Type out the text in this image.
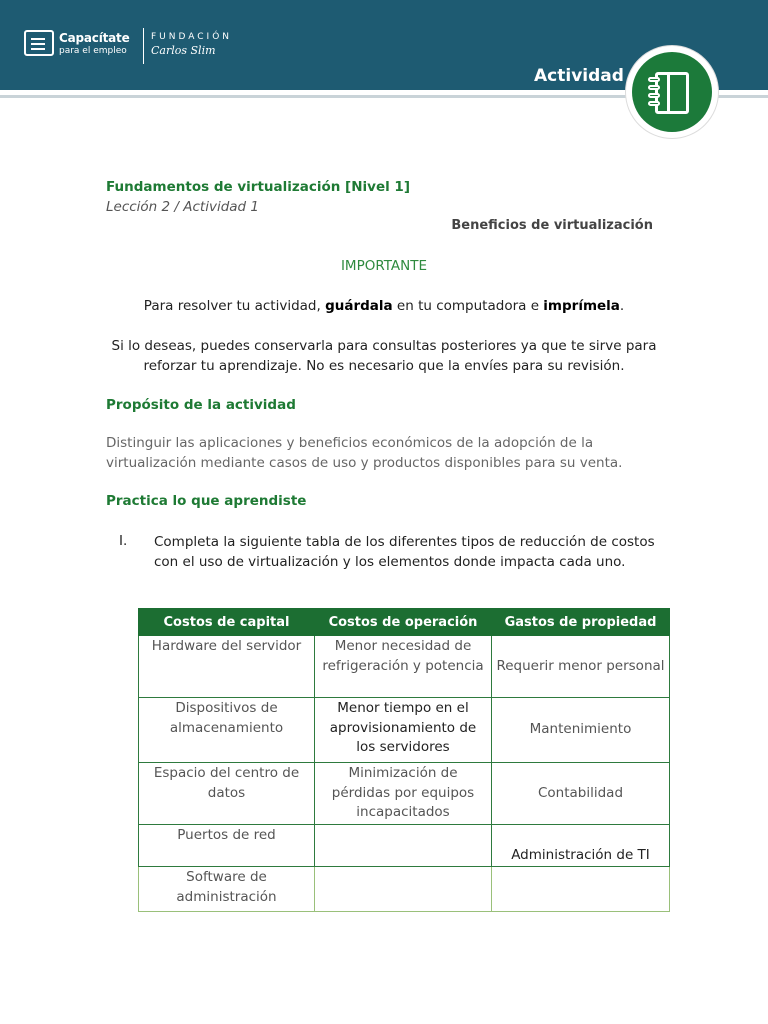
Capacítate
para el empleo
FUNDACIÓN
Carlos Slim
Actividad
Fundamentos de virtualización [Nivel 1]
Lección 2 / Actividad 1
Beneficios de virtualización
IMPORTANTE
Para resolver tu actividad, guárdala en tu computadora e imprímela.
Si lo deseas, puedes conservarla para consultas posteriores ya que te sirve para reforzar tu aprendizaje. No es necesario que la envíes para su revisión.
Propósito de la actividad
Distinguir las aplicaciones y beneficios económicos de la adopción de la virtualización mediante casos de uso y productos disponibles para su venta.
Practica lo que aprendiste
I. Completa la siguiente tabla de los diferentes tipos de reducción de costos con el uso de virtualización y los elementos donde impacta cada uno.
Costos de capital	Costos de operación	Gastos de propiedad
Hardware del servidor	Menor necesidad de refrigeración y potencia	Requerir menor personal
Dispositivos de almacenamiento	Menor tiempo en el aprovisionamiento de los servidores	Mantenimiento
Espacio del centro de datos	Minimización de pérdidas por equipos incapacitados	Contabilidad
Puertos de red		Administración de TI
Software de administración		
